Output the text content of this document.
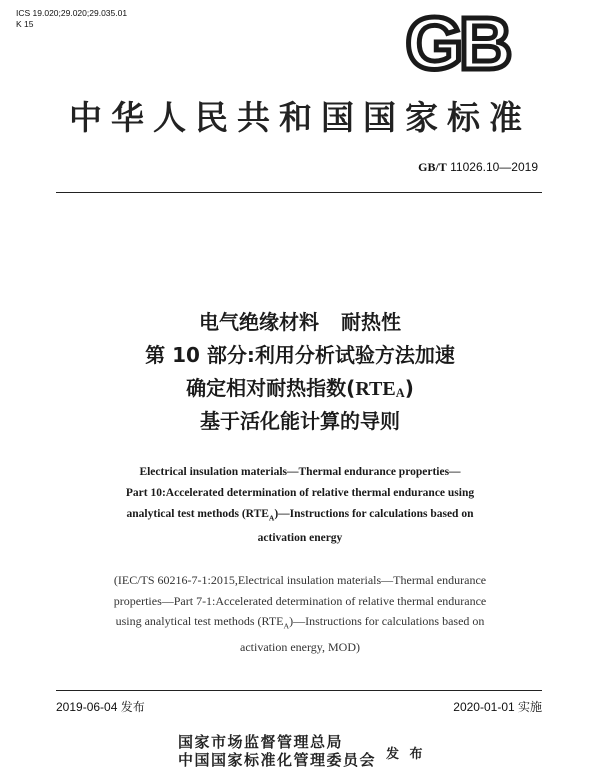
ICS 19.020;29.020;29.035.01
K 15	GB
中华人民共和国国家标准
GB/T 11026.10—2019
电气绝缘材料 耐热性
第 10 部分:利用分析试验方法加速
确定相对耐热指数$(RTE_A)$
基于活化能计算的导则
Electrical insulation materials—Thermal endurance properties—
Part 10:Accelerated determination of relative thermal endurance using
analytical test methods $(RTE_A)—Instructions$ for calculations based on
activation energy
(IEC/TS 60216-7-1:2015,Electrical insulation materials—Thermal endurance
properties—Part 7-1:Accelerated determination of relative thermal endurance
using analytical test methods $(RTE_A)—Instructions$ for calculations based on
activation energy, MOD)
2019-06-04 发布	2020-01-01 实施
国家市场监督管理总局
中国国家标准化管理委员会 发 布
